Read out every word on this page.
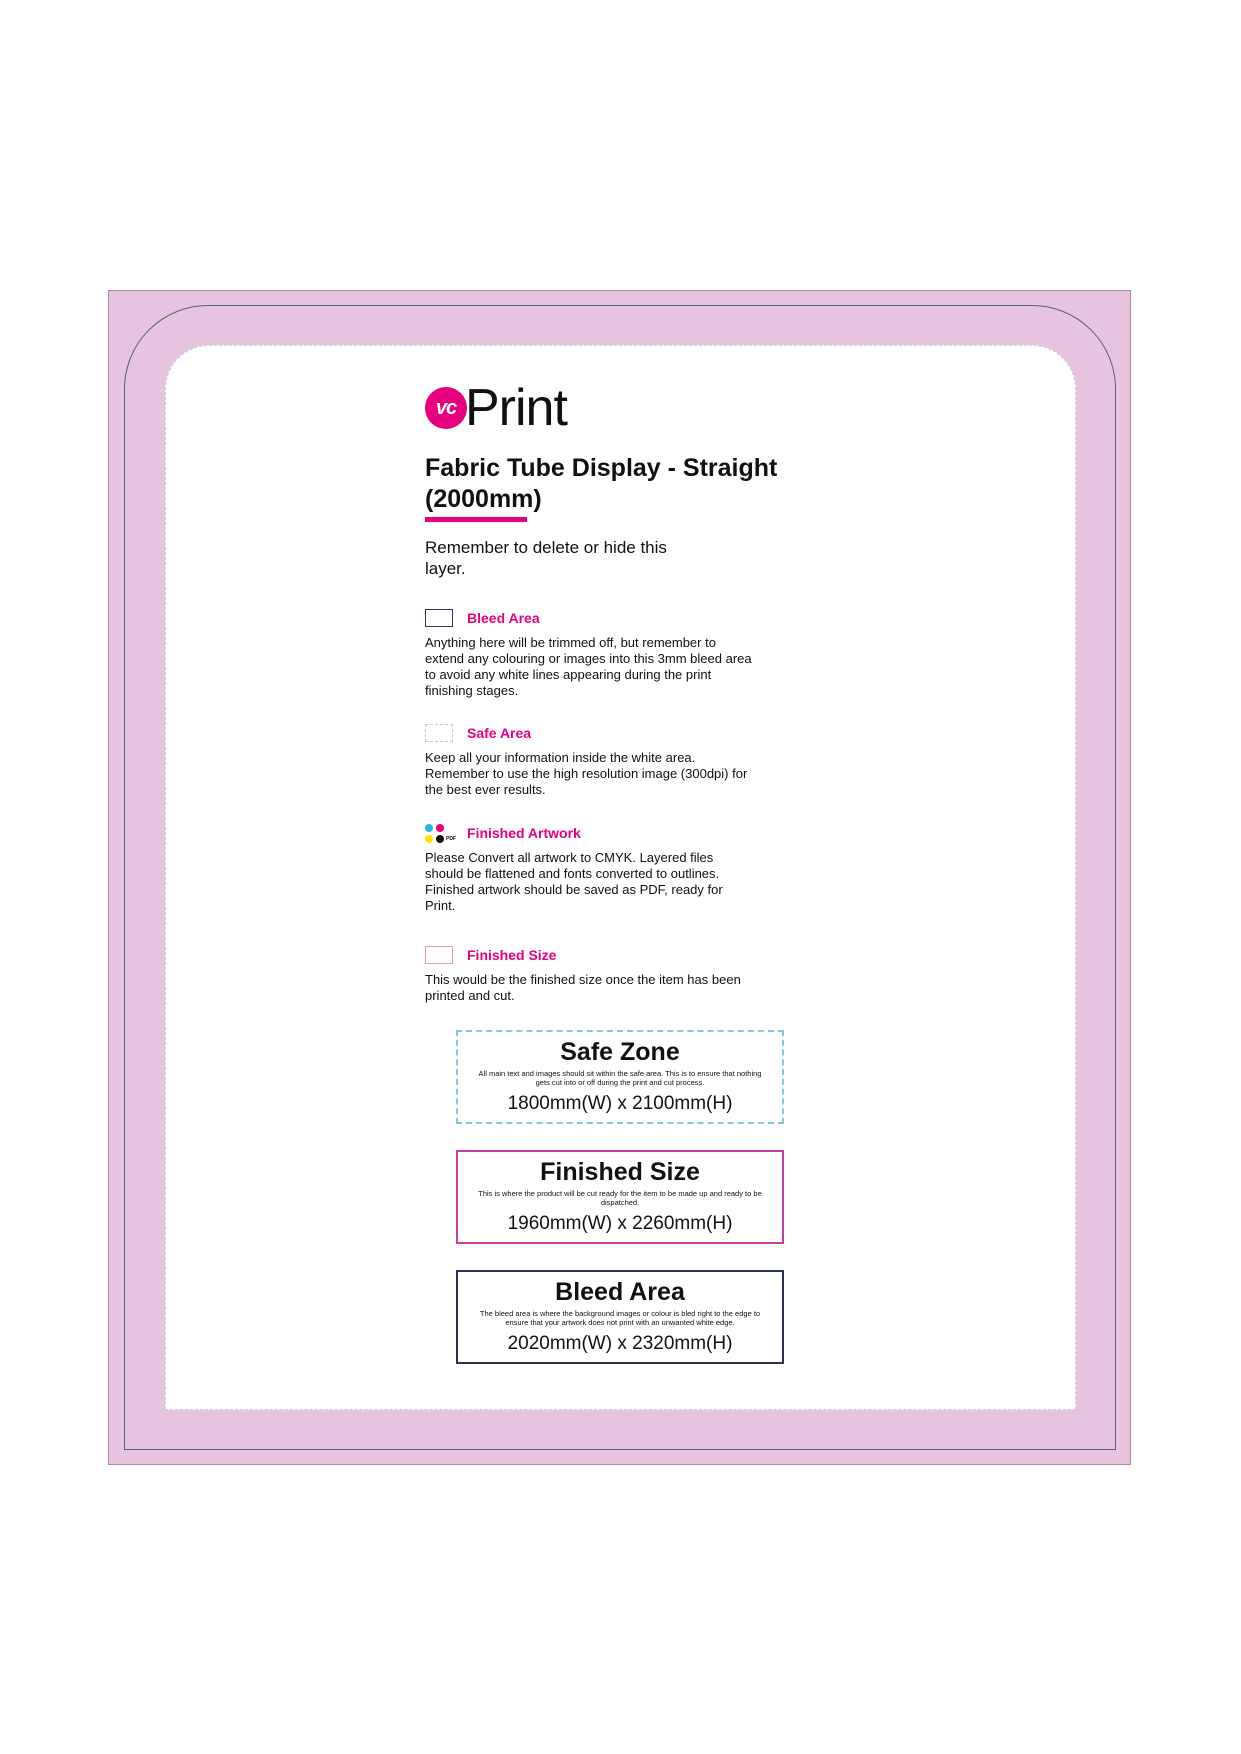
vc Print
Fabric Tube Display - Straight (2000mm)
Remember to delete or hide this layer.
Bleed Area
Anything here will be trimmed off, but remember to extend any colouring or images into this 3mm bleed area to avoid any white lines appearing during the print finishing stages.
Safe Area
Keep all your information inside the white area. Remember to use the high resolution image (300dpi) for the best ever results.
PDF Finished Artwork
Please Convert all artwork to CMYK. Layered files should be flattened and fonts converted to outlines. Finished artwork should be saved as PDF, ready for Print.
Finished Size
This would be the finished size once the item has been printed and cut.
Safe Zone
All main text and images should sit within the safe area. This is to ensure that nothing gets cut into or off during the print and cut process.
1800mm(W) x 2100mm(H)
Finished Size
This is where the product will be cut ready for the item to be made up and ready to be dispatched.
1960mm(W) x 2260mm(H)
Bleed Area
The bleed area is where the background images or colour is bled right to the edge to ensure that your artwork does not print with an unwanted white edge.
2020mm(W) x 2320mm(H)
